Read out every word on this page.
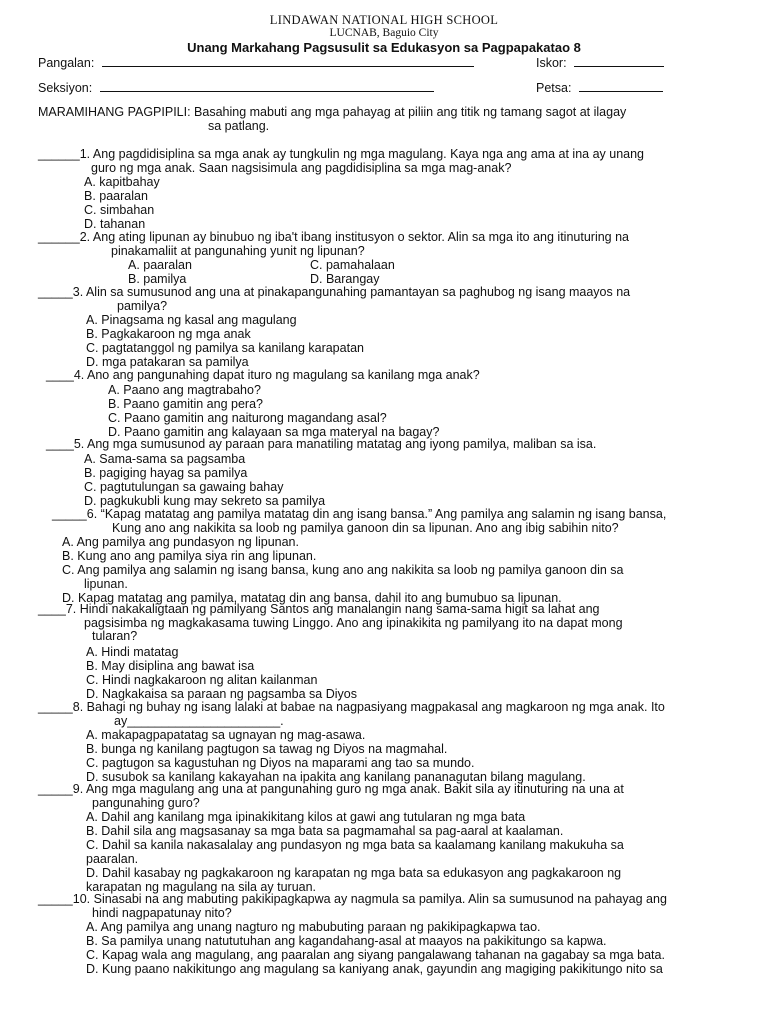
LINDAWAN NATIONAL HIGH SCHOOL
LUCNAB, Baguio City
Unang Markahang Pagsusulit sa Edukasyon sa Pagpapakatao 8
Pangalan:	Iskor:
Seksiyon:	Petsa:
MARAMIHANG PAGPIPILI: Basahing mabuti ang mga pahayag at piliin ang titik ng tamang sagot at ilagay
sa patlang.
______1. Ang pagdidisiplina sa mga anak ay tungkulin ng mga magulang. Kaya nga ang ama at ina ay unang
guro ng mga anak. Saan nagsisimula ang pagdidisiplina sa mga mag-anak?
A. kapitbahay
B. paaralan
C. simbahan
D. tahanan
______2. Ang ating lipunan ay binubuo ng iba't ibang institusyon o sektor. Alin sa mga ito ang itinuturing na
pinakamaliit at pangunahing yunit ng lipunan?
A. paaralan	C. pamahalaan
B. pamilya	D. Barangay
_____3. Alin sa sumusunod ang una at pinakapangunahing pamantayan sa paghubog ng isang maayos na
pamilya?
A. Pinagsama ng kasal ang magulang
B. Pagkakaroon ng mga anak
C. pagtatanggol ng pamilya sa kanilang karapatan
D. mga patakaran sa pamilya
____4. Ano ang pangunahing dapat ituro ng magulang sa kanilang mga anak?
A. Paano ang magtrabaho?
B. Paano gamitin ang pera?
C. Paano gamitin ang naiturong magandang asal?
D. Paano gamitin ang kalayaan sa mga materyal na bagay?
____5. Ang mga sumusunod ay paraan para manatiling matatag ang iyong pamilya, maliban sa isa.
A. Sama-sama sa pagsamba
B. pagiging hayag sa pamilya
C. pagtutulungan sa gawaing bahay
D. pagkukubli kung may sekreto sa pamilya
_____6. “Kapag matatag ang pamilya matatag din ang isang bansa.” Ang pamilya ang salamin ng isang bansa,
Kung ano ang nakikita sa loob ng pamilya ganoon din sa lipunan. Ano ang ibig sabihin nito?
A. Ang pamilya ang pundasyon ng lipunan.
B. Kung ano ang pamilya siya rin ang lipunan.
C. Ang pamilya ang salamin ng isang bansa, kung ano ang nakikita sa loob ng pamilya ganoon din sa
lipunan.
D. Kapag matatag ang pamilya, matatag din ang bansa, dahil ito ang bumubuo sa lipunan.
____7. Hindi nakakaligtaan ng pamilyang Santos ang manalangin nang sama-sama higit sa lahat ang
pagsisimba ng magkakasama tuwing Linggo. Ano ang ipinakikita ng pamilyang ito na dapat mong
tularan?
A. Hindi matatag
B. May disiplina ang bawat isa
C. Hindi nagkakaroon ng alitan kailanman
D. Nagkakaisa sa paraan ng pagsamba sa Diyos
_____8. Bahagi ng buhay ng isang lalaki at babae na nagpasiyang magpakasal ang magkaroon ng mga anak. Ito
ay______________________.
A. makapagpapatatag sa ugnayan ng mag-asawa.
B. bunga ng kanilang pagtugon sa tawag ng Diyos na magmahal.
C. pagtugon sa kagustuhan ng Diyos na maparami ang tao sa mundo.
D. susubok sa kanilang kakayahan na ipakita ang kanilang pananagutan bilang magulang.
_____9. Ang mga magulang ang una at pangunahing guro ng mga anak. Bakit sila ay itinuturing na una at
pangunahing guro?
A. Dahil ang kanilang mga ipinakikitang kilos at gawi ang tutularan ng mga bata
B. Dahil sila ang magsasanay sa mga bata sa pagmamahal sa pag-aaral at kaalaman.
C. Dahil sa kanila nakasalalay ang pundasyon ng mga bata sa kaalamang kanilang makukuha sa
paaralan.
D. Dahil kasabay ng pagkakaroon ng karapatan ng mga bata sa edukasyon ang pagkakaroon ng
karapatan ng magulang na sila ay turuan.
_____10. Sinasabi na ang mabuting pakikipagkapwa ay nagmula sa pamilya. Alin sa sumusunod na pahayag ang
hindi nagpapatunay nito?
A. Ang pamilya ang unang nagturo ng mabubuting paraan ng pakikipagkapwa tao.
B. Sa pamilya unang natututuhan ang kagandahang-asal at maayos na pakikitungo sa kapwa.
C. Kapag wala ang magulang, ang paaralan ang siyang pangalawang tahanan na gagabay sa mga bata.
D. Kung paano nakikitungo ang magulang sa kaniyang anak, gayundin ang magiging pakikitungo nito sa
